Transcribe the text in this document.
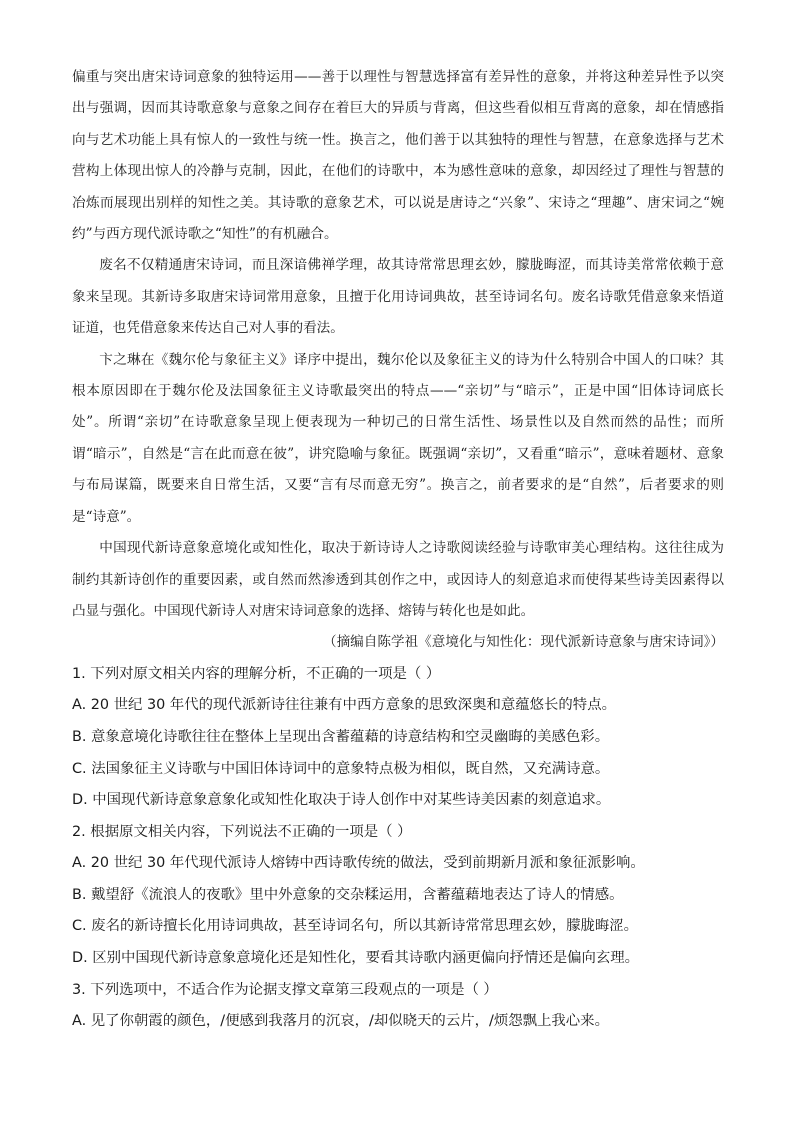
偏重与突出唐宋诗词意象的独特运用——善于以理性与智慧选择富有差异性的意象，并将这种差异性予以突出与强调，因而其诗歌意象与意象之间存在着巨大的异质与背离，但这些看似相互背离的意象，却在情感指向与艺术功能上具有惊人的一致性与统一性。换言之，他们善于以其独特的理性与智慧，在意象选择与艺术营构上体现出惊人的冷静与克制，因此，在他们的诗歌中，本为感性意味的意象，却因经过了理性与智慧的冶炼而展现出别样的知性之美。其诗歌的意象艺术，可以说是唐诗之“兴象”、宋诗之“理趣”、唐宋词之“婉约”与西方现代派诗歌之“知性”的有机融合。

废名不仅精通唐宋诗词，而且深谙佛禅学理，故其诗常常思理玄妙，朦胧晦涩，而其诗美常常依赖于意象来呈现。其新诗多取唐宋诗词常用意象，且擅于化用诗词典故，甚至诗词名句。废名诗歌凭借意象来悟道证道，也凭借意象来传达自己对人事的看法。

卞之琳在《魏尔伦与象征主义》译序中提出，魏尔伦以及象征主义的诗为什么特别合中国人的口味？其根本原因即在于魏尔伦及法国象征主义诗歌最突出的特点——“亲切”与“暗示”，正是中国“旧体诗词底长处”。所谓“亲切”在诗歌意象呈现上便表现为一种切己的日常生活性、场景性以及自然而然的品性；而所谓“暗示”，自然是“言在此而意在彼”，讲究隐喻与象征。既强调“亲切”，又看重“暗示”，意味着题材、意象与布局谋篇，既要来自日常生活，又要“言有尽而意无穷”。换言之，前者要求的是“自然”，后者要求的则是“诗意”。

中国现代新诗意象意境化或知性化，取决于新诗诗人之诗歌阅读经验与诗歌审美心理结构。这往往成为制约其新诗创作的重要因素，或自然而然渗透到其创作之中，或因诗人的刻意追求而使得某些诗美因素得以凸显与强化。中国现代新诗人对唐宋诗词意象的选择、熔铸与转化也是如此。

（摘编自陈学祖《意境化与知性化：现代派新诗意象与唐宋诗词》）

1. 下列对原文相关内容的理解分析，不正确的一项是（ ）

A. 20 世纪 30 年代的现代派新诗往往兼有中西方意象的思致深奥和意蕴悠长的特点。

B. 意象意境化诗歌往往在整体上呈现出含蓄蕴藉的诗意结构和空灵幽晦的美感色彩。

C. 法国象征主义诗歌与中国旧体诗词中的意象特点极为相似，既自然，又充满诗意。

D. 中国现代新诗意象意象化或知性化取决于诗人创作中对某些诗美因素的刻意追求。

2. 根据原文相关内容，下列说法不正确的一项是（ ）

A. 20 世纪 30 年代现代派诗人熔铸中西诗歌传统的做法，受到前期新月派和象征派影响。

B. 戴望舒《流浪人的夜歌》里中外意象的交杂糅运用，含蓄蕴藉地表达了诗人的情感。

C. 废名的新诗擅长化用诗词典故，甚至诗词名句，所以其新诗常常思理玄妙，朦胧晦涩。

D. 区别中国现代新诗意象意境化还是知性化，要看其诗歌内涵更偏向抒情还是偏向玄理。

3. 下列选项中，不适合作为论据支撑文章第三段观点的一项是（ ）

A. 见了你朝霞的颜色，/便感到我落月的沉哀，/却似晓天的云片，/烦怨飘上我心来。
